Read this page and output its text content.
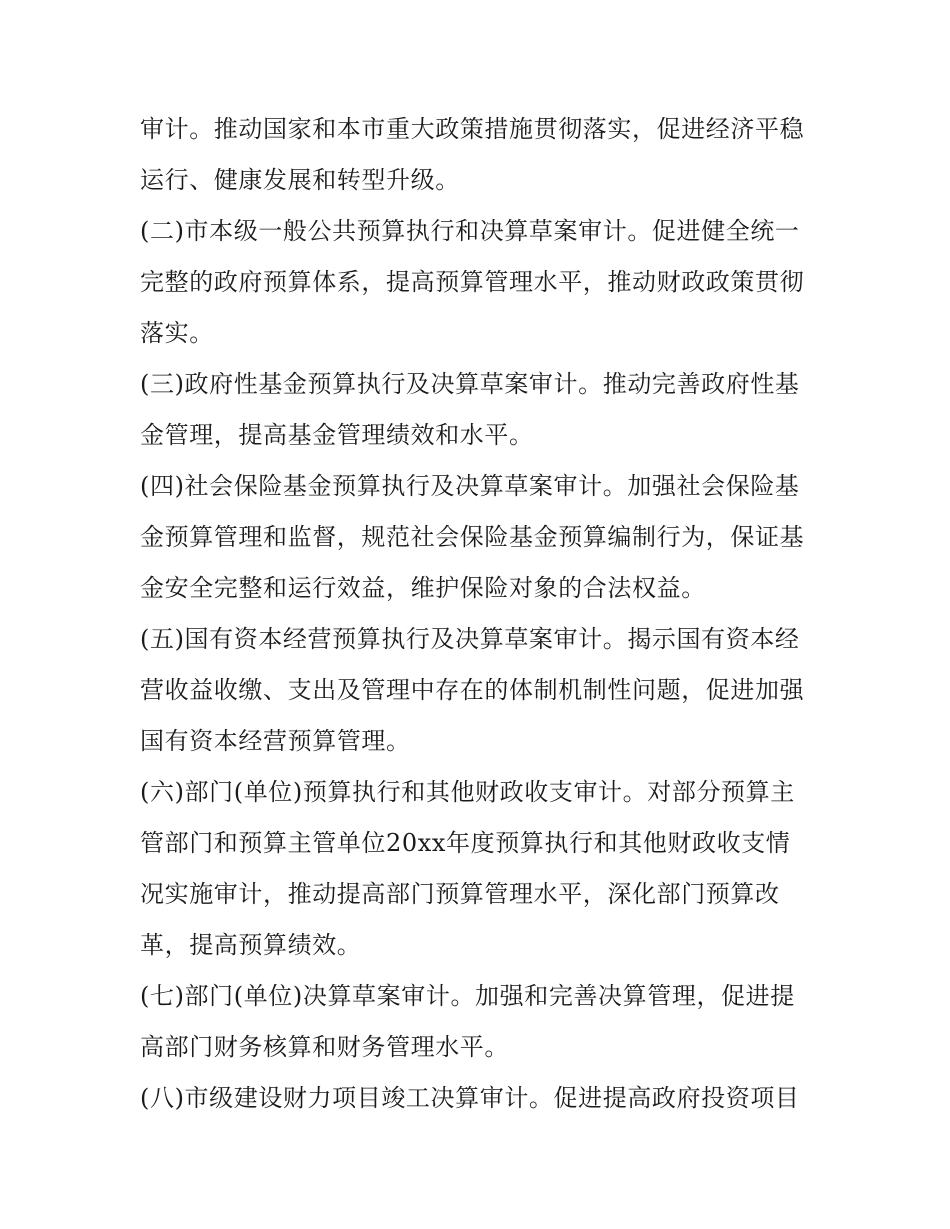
审计。推动国家和本市重大政策措施贯彻落实，促进经济平稳
运行、健康发展和转型升级。
(二)市本级一般公共预算执行和决算草案审计。促进健全统一
完整的政府预算体系，提高预算管理水平，推动财政政策贯彻
落实。
(三)政府性基金预算执行及决算草案审计。推动完善政府性基
金管理，提高基金管理绩效和水平。
(四)社会保险基金预算执行及决算草案审计。加强社会保险基
金预算管理和监督，规范社会保险基金预算编制行为，保证基
金安全完整和运行效益，维护保险对象的合法权益。
(五)国有资本经营预算执行及决算草案审计。揭示国有资本经
营收益收缴、支出及管理中存在的体制机制性问题，促进加强
国有资本经营预算管理。
(六)部门(单位)预算执行和其他财政收支审计。对部分预算主
管部门和预算主管单位20xx年度预算执行和其他财政收支情
况实施审计，推动提高部门预算管理水平，深化部门预算改
革，提高预算绩效。
(七)部门(单位)决算草案审计。加强和完善决算管理，促进提
高部门财务核算和财务管理水平。
(八)市级建设财力项目竣工决算审计。促进提高政府投资项目
